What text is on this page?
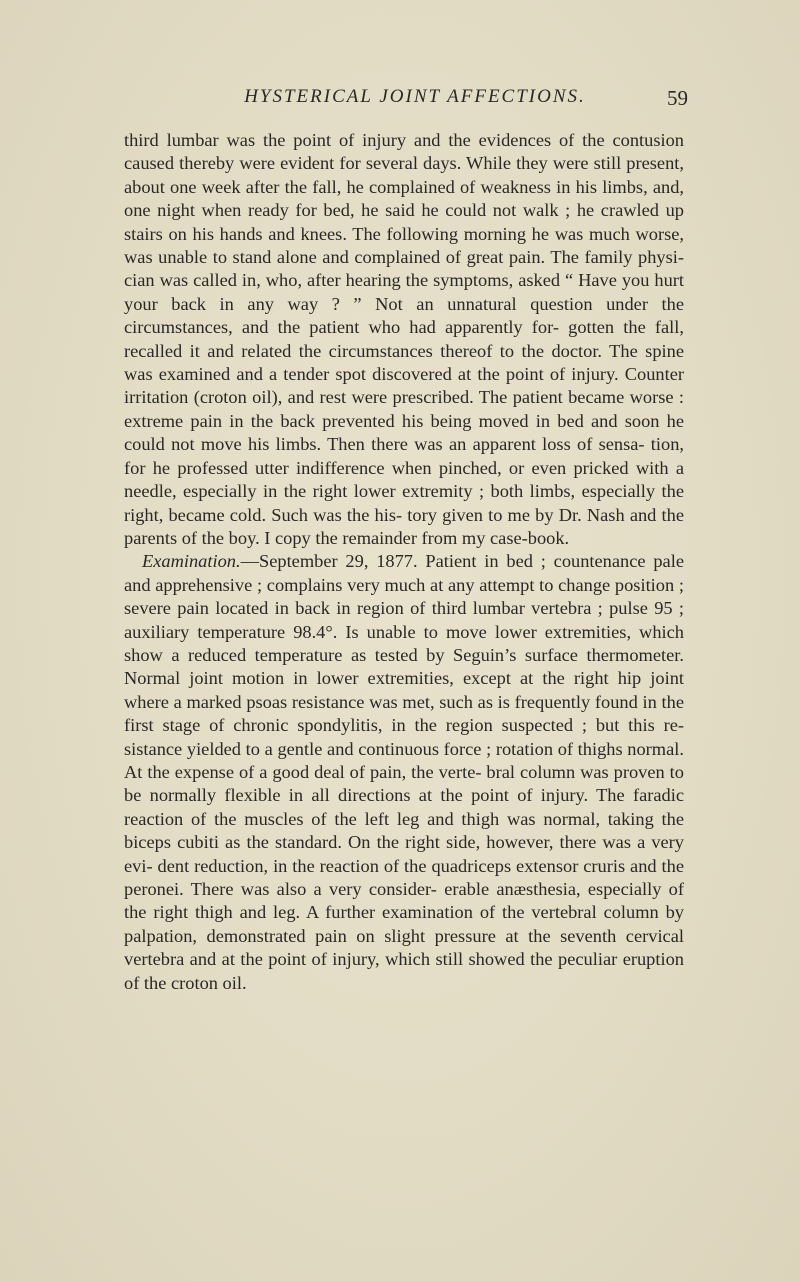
HYSTERICAL JOINT AFFECTIONS.	59

third lumbar was the point of injury and the evidences of the contusion caused thereby were evident for several days. While they were still present, about one week after the fall, he complained of weakness in his limbs, and, one night when ready for bed, he said he could not walk ; he crawled up stairs on his hands and knees. The following morning he was much worse, was unable to stand alone and complained of great pain. The family physi- cian was called in, who, after hearing the symptoms, asked “ Have you hurt your back in any way ? ” Not an unnatural question under the circumstances, and the patient who had apparently for- gotten the fall, recalled it and related the circumstances thereof to the doctor. The spine was examined and a tender spot discovered at the point of injury. Counter irritation (croton oil), and rest were prescribed. The patient became worse : extreme pain in the back prevented his being moved in bed and soon he could not move his limbs. Then there was an apparent loss of sensa- tion, for he professed utter indifference when pinched, or even pricked with a needle, especially in the right lower extremity ; both limbs, especially the right, became cold. Such was the his- tory given to me by Dr. Nash and the parents of the boy. I copy the remainder from my case-book.

Examination.—September 29, 1877. Patient in bed ; countenance pale and apprehensive ; complains very much at any attempt to change position ; severe pain located in back in region of third lumbar vertebra ; pulse 95 ; auxiliary temperature 98.4°. Is unable to move lower extremities, which show a reduced temperature as tested by Seguin’s surface thermometer. Normal joint motion in lower extremities, except at the right hip joint where a marked psoas resistance was met, such as is frequently found in the first stage of chronic spondylitis, in the region suspected ; but this re- sistance yielded to a gentle and continuous force ; rotation of thighs normal. At the expense of a good deal of pain, the verte- bral column was proven to be normally flexible in all directions at the point of injury. The faradic reaction of the muscles of the left leg and thigh was normal, taking the biceps cubiti as the standard. On the right side, however, there was a very evi- dent reduction, in the reaction of the quadriceps extensor cruris and the peronei. There was also a very consider- erable anæsthesia, especially of the right thigh and leg. A further examination of the vertebral column by palpation, demonstrated pain on slight pressure at the seventh cervical vertebra and at the point of injury, which still showed the peculiar eruption of the croton oil.
